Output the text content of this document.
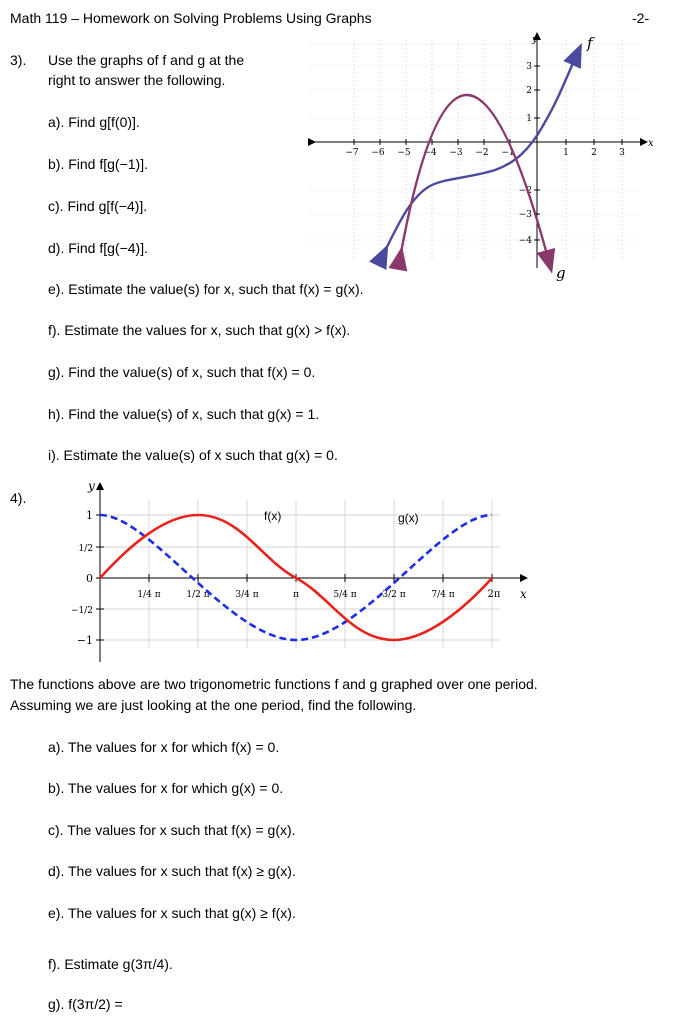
Math 119 – Homework on Solving Problems Using Graphs	-2-
3). Use the graphs of f and g at the
right to answer the following.
a). Find g[f(0)].
b). Find f[g(−1)].
c). Find g[f(−4)].
d). Find f[g(−4)].
e). Estimate the value(s) for x, such that f(x) = g(x).
f). Estimate the values for x, such that g(x) > f(x).
g). Find the value(s) of x, such that f(x) = 0.
h). Find the value(s) of x, such that g(x) = 1.
i). Estimate the value(s) of x such that g(x) = 0.
−7 −6 −5 −4 −3 −2 −1	1 2 3
3
2
1
−2
−3
−4
x
y	f
g
4).
1
1/2
0
−1/2
−1
1/4 π	1/2 π	3/4 π	π	5/4 π	3/2 π	7/4 π	2π
y
x
f(x)	g(x)
The functions above are two trigonometric functions f and g graphed over one period.
Assuming we are just looking at the one period, find the following.
a). The values for x for which f(x) = 0.
b). The values for x for which g(x) = 0.
c). The values for x such that f(x) = g(x).
d). The values for x such that f(x) ≥ g(x).
e). The values for x such that g(x) ≥ f(x).
f). Estimate g(3π/4).
g). f(3π/2) =
